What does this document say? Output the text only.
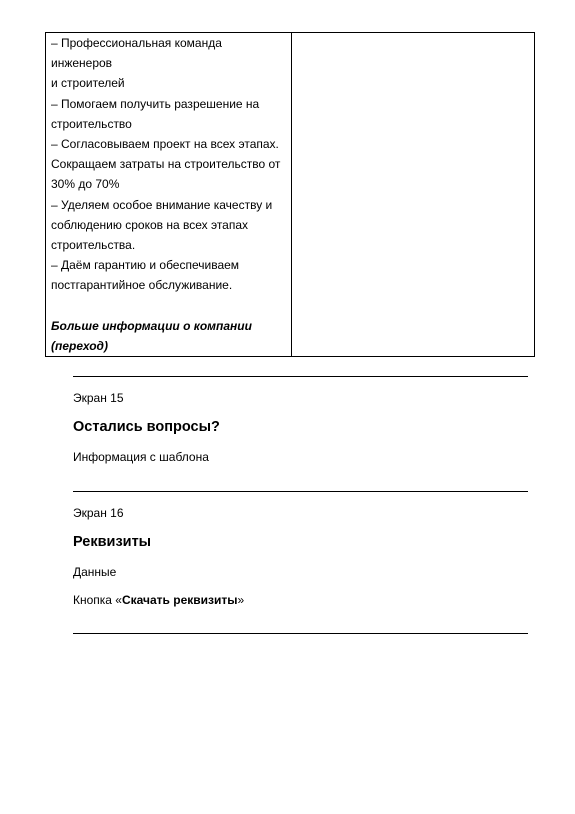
– Профессиональная команда инженеров

и строителей

– Помогаем получить разрешение на

строительство

– Согласовываем проект на всех этапах.

Сокращаем затраты на строительство от

30% до 70%

– Уделяем особое внимание качеству и

соблюдению сроков на всех этапах

строительства.

– Даём гарантию и обеспечиваем

постгарантийное обслуживание.

Больше информации о компании
(переход)

Экран 15

Остались вопросы?

Информация с шаблона

Экран 16

Реквизиты

Данные

Кнопка «Скачать реквизиты»
